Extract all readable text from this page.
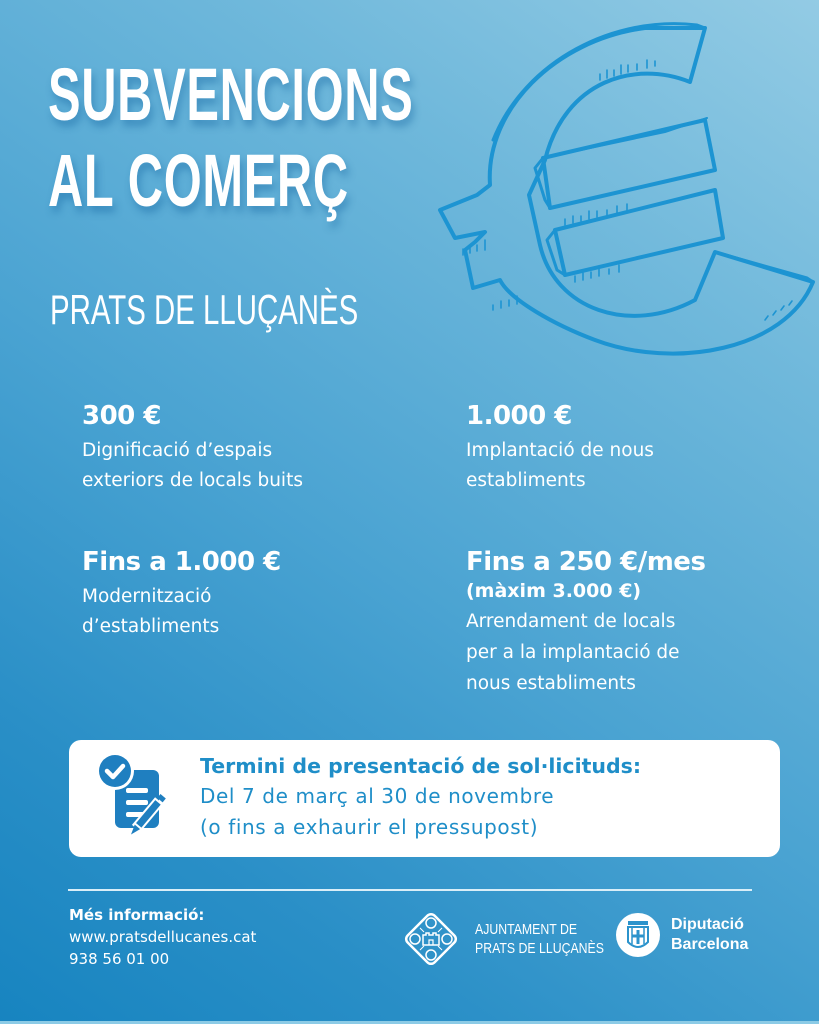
SUBVENCIONS
AL COMERÇ
PRATS DE LLUÇANÈS
300 €
Dignificació d’espais
exteriors de locals buits
1.000 €
Implantació de nous
establiments
Fins a 1.000 €
Modernització
d’establiments
Fins a 250 €/mes
(màxim 3.000 €)
Arrendament de locals
per a la implantació de
nous establiments
Termini de presentació de sol·licituds:
Del 7 de març al 30 de novembre
(o fins a exhaurir el pressupost)
Més informació:
www.pratsdellucanes.cat
938 56 01 00
AJUNTAMENT DE
PRATS DE LLUÇANÈS
Diputació
Barcelona
